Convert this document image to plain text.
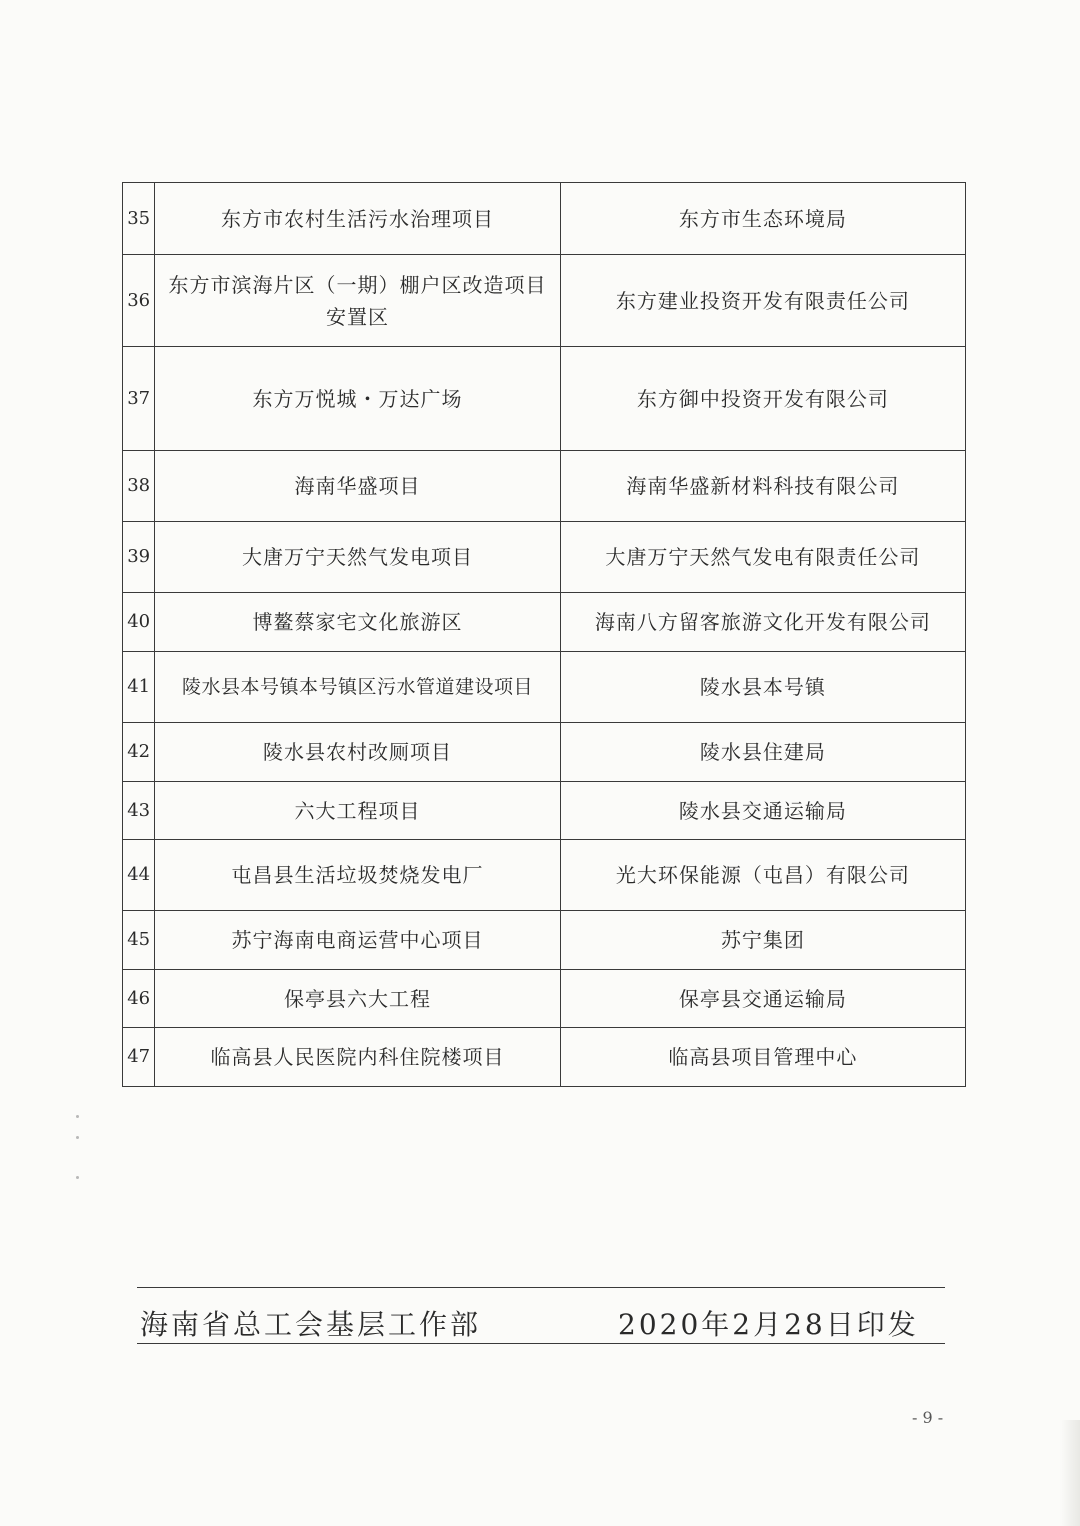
35	东方市农村生活污水治理项目	东方市生态环境局
36	东方市滨海片区（一期）棚户区改造项目安置区	东方建业投资开发有限责任公司
37	东方万悦城・万达广场	东方御中投资开发有限公司
38	海南华盛项目	海南华盛新材料科技有限公司
39	大唐万宁天然气发电项目	大唐万宁天然气发电有限责任公司
40	博鳌蔡家宅文化旅游区	海南八方留客旅游文化开发有限公司
41	陵水县本号镇本号镇区污水管道建设项目	陵水县本号镇
42	陵水县农村改厕项目	陵水县住建局
43	六大工程项目	陵水县交通运输局
44	屯昌县生活垃圾焚烧发电厂	光大环保能源（屯昌）有限公司
45	苏宁海南电商运营中心项目	苏宁集团
46	保亭县六大工程	保亭县交通运输局
47	临高县人民医院内科住院楼项目	临高县项目管理中心
海南省总工会基层工作部	2020年2月28日印发
- 9 -
